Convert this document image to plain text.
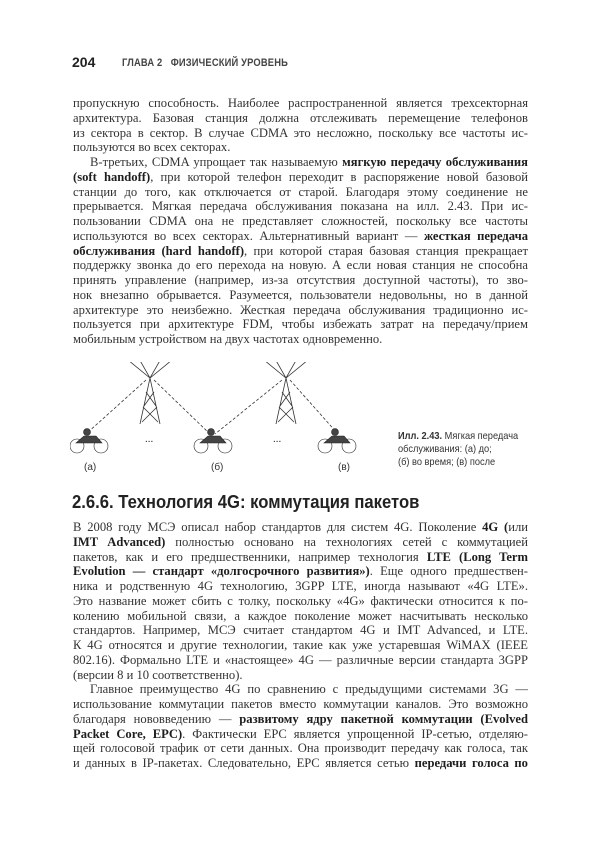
204 ГЛАВА 2   ФИЗИЧЕСКИЙ УРОВЕНЬ
пропускную способность. Наиболее распространенной является трехсекторная
архитектура. Базовая станция должна отслеживать перемещение телефонов
из сектора в сектор. В случае CDMA это несложно, поскольку все частоты ис-
пользуются во всех секторах.
В-третьих, CDMA упрощает так называемую мягкую передачу обслуживания
(soft handoff), при которой телефон переходит в распоряжение новой базовой
станции до того, как отключается от старой. Благодаря этому соединение не
прерывается. Мягкая передача обслуживания показана на илл. 2.43. При ис-
пользовании CDMA она не представляет сложностей, поскольку все частоты
используются во всех секторах. Альтернативный вариант — жесткая передача
обслуживания (hard handoff), при которой старая базовая станция прекращает
поддержку звонка до его перехода на новую. А если новая станция не способна
принять управление (например, из-за отсутствия доступной частоты), то зво-
нок внезапно обрывается. Разумеется, пользователи недовольны, но в данной
архитектуре это неизбежно. Жесткая передача обслуживания традиционно ис-
пользуется при архитектуре FDM, чтобы избежать затрат на передачу/прием
мобильным устройством на двух частотах одновременно.
...	...
(а)	(б)	(в)
Илл. 2.43. Мягкая передача
обслуживания: (а) до;
(б) во время; (в) после
2.6.6. Технология 4G: коммутация пакетов
В 2008 году МСЭ описал набор стандартов для систем 4G. Поколение 4G (или
IMT Advanced) полностью основано на технологиях сетей с коммутацией
пакетов, как и его предшественники, например технология LTE (Long Term
Evolution — стандарт «долгосрочного развития»). Еще одного предшествен-
ника и родственную 4G технологию, 3GPP LTE, иногда называют «4G LTE».
Это название может сбить с толку, поскольку «4G» фактически относится к по-
колению мобильной связи, а каждое поколение может насчитывать несколько
стандартов. Например, МСЭ считает стандартом 4G и IMT Advanced, и LTE.
К 4G относятся и другие технологии, такие как уже устаревшая WiMAX (IEEE
802.16). Формально LTE и «настоящее» 4G — различные версии стандарта 3GPP
(версии 8 и 10 соответственно).
Главное преимущество 4G по сравнению с предыдущими системами 3G —
использование коммутации пакетов вместо коммутации каналов. Это возможно
благодаря нововведению — развитому ядру пакетной коммутации (Evolved
Packet Core, EPC). Фактически EPC является упрощенной IP-сетью, отделяю-
щей голосовой трафик от сети данных. Она производит передачу как голоса, так
и данных в IP-пакетах. Следовательно, EPC является сетью передачи голоса по
